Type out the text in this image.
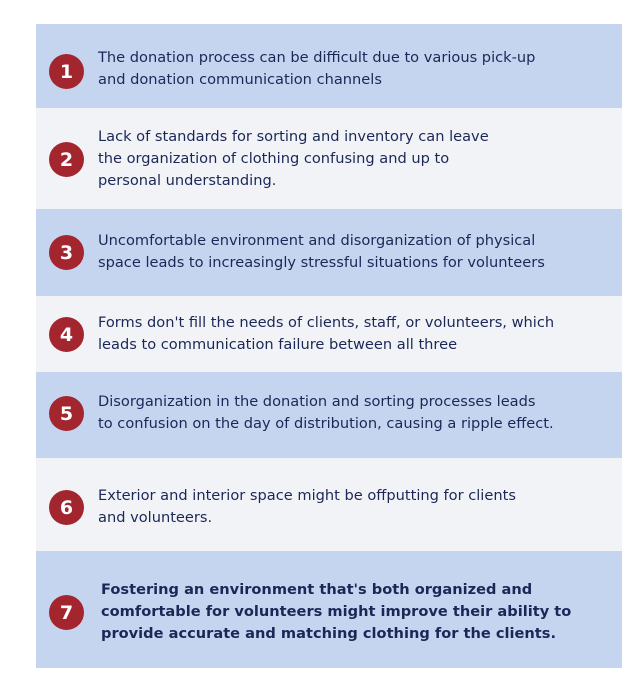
1
The donation process can be difficult due to various pick-up
and donation communication channels
2
Lack of standards for sorting and inventory can leave
the organization of clothing confusing and up to
personal understanding.
3
Uncomfortable environment and disorganization of physical
space leads to increasingly stressful situations for volunteers
4
Forms don't fill the needs of clients, staff, or volunteers, which
leads to communication failure between all three
5
Disorganization in the donation and sorting processes leads
to confusion on the day of distribution, causing a ripple effect.
6
Exterior and interior space might be offputting for clients
and volunteers.
7
Fostering an environment that's both organized and
comfortable for volunteers might improve their ability to
provide accurate and matching clothing for the clients.
